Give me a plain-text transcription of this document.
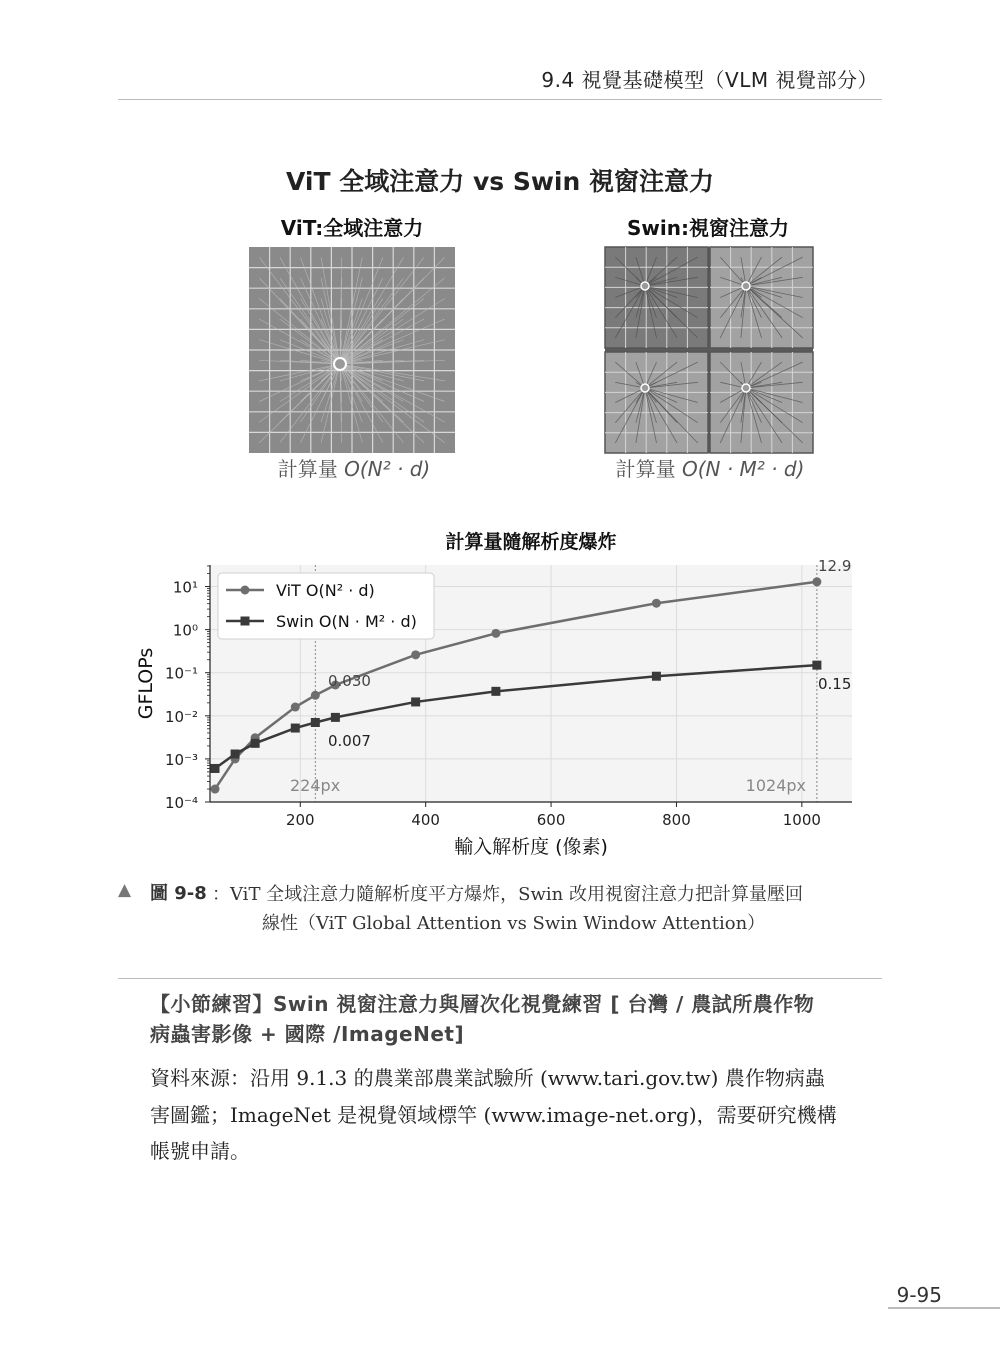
9.4 視覺基礎模型（VLM 視覺部分）
ViT 全域注意力 vs Swin 視窗注意力
ViT:全域注意力
計算量 O(N² · d)
Swin:視窗注意力
計算量 O(N · M² · d)
計算量隨解析度爆炸
200	400	600	800	1000
10¹
10⁰
10⁻¹
10⁻²
10⁻³
10⁻⁴
輸入解析度 (像素)
GFLOPs
12.9
0.15
0.030
0.007
224px	1024px
ViT O(N² · d)
Swin O(N · M² · d)
▲ 圖 9-8 ：ViT 全域注意力隨解析度平方爆炸，Swin 改用視窗注意力把計算量壓回
線性（ViT Global Attention vs Swin Window Attention）
【小節練習】Swin 視窗注意力與層次化視覺練習 [ 台灣 / 農試所農作物
病蟲害影像 + 國際 /ImageNet]
資料來源：沿用 9.1.3 的農業部農業試驗所 (www.tari.gov.tw) 農作物病蟲
害圖鑑；ImageNet 是視覺領域標竿 (www.image-net.org)，需要研究機構
帳號申請。
9-95
